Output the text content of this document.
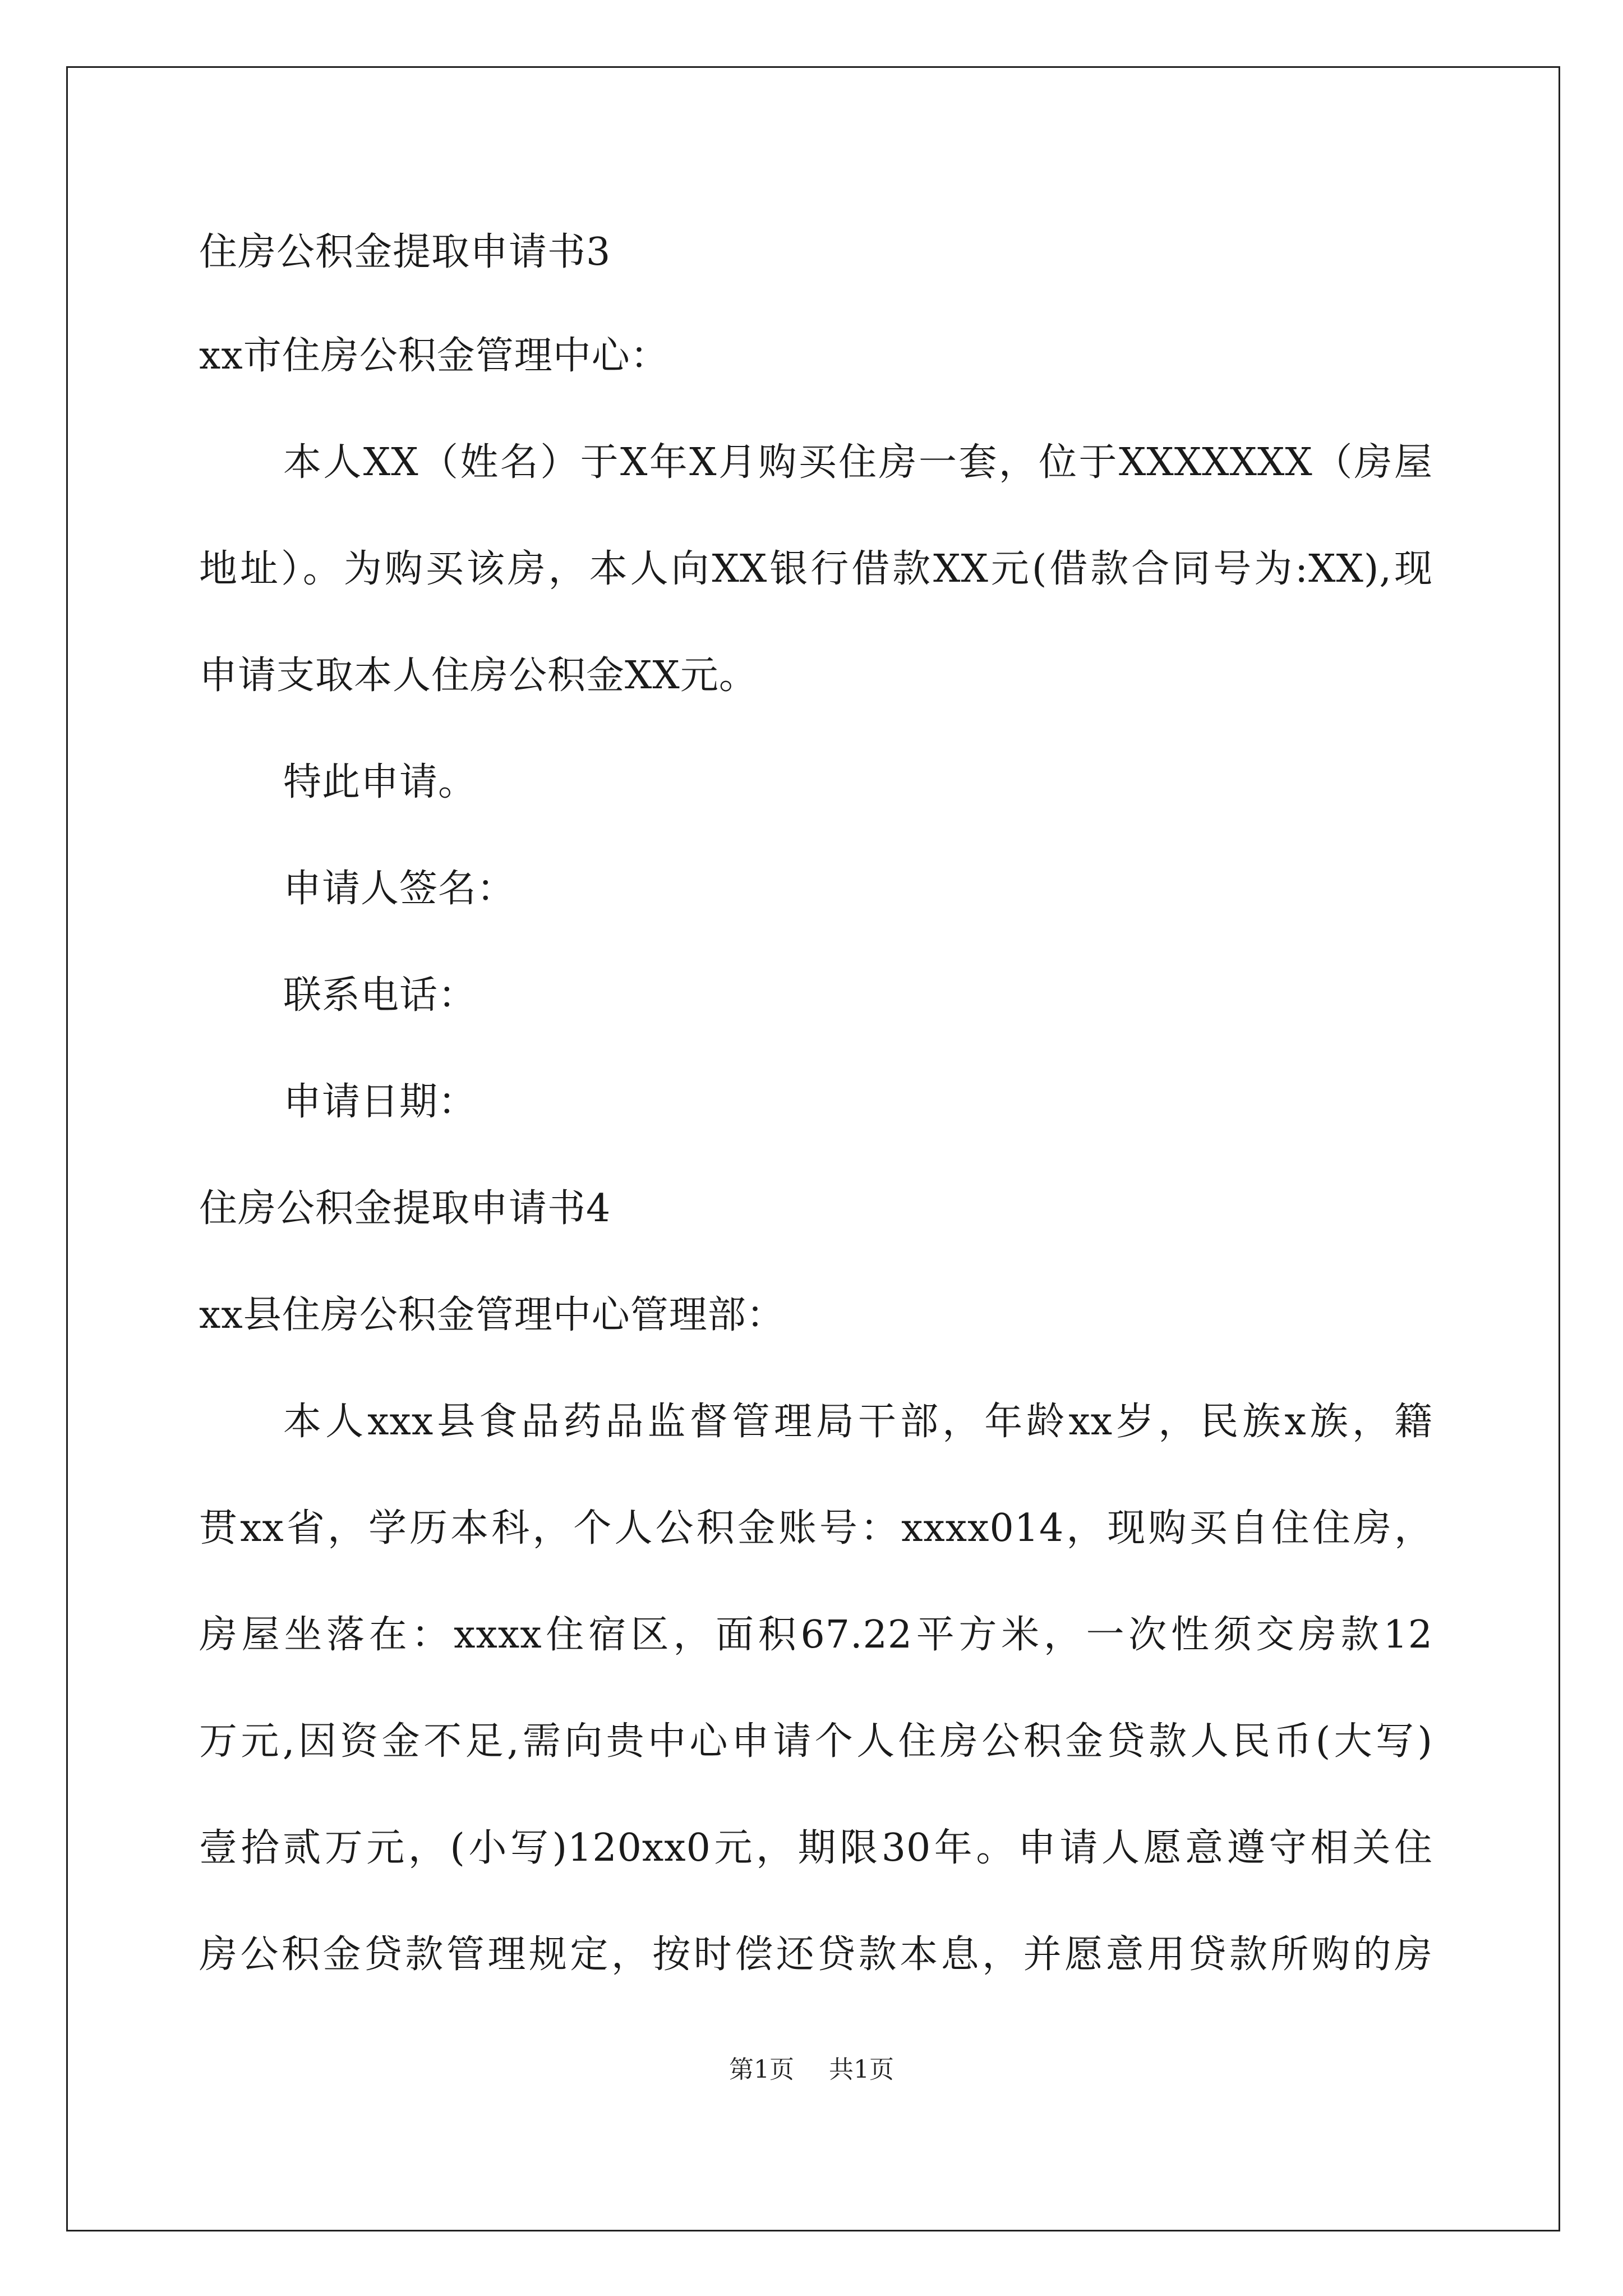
住房公积金提取申请书3
xx市住房公积金管理中心：
本人XX（姓名）于X年X月购买住房一套，位于XXXXXXX（房屋
地址）。为购买该房，本人向XX银行借款XX元(借款合同号为:XX),现
申请支取本人住房公积金XX元。
特此申请。
申请人签名：
联系电话：
申请日期：
住房公积金提取申请书4
xx县住房公积金管理中心管理部：
本人xxx县食品药品监督管理局干部，年龄xx岁，民族x族，籍
贯xx省，学历本科，个人公积金账号：xxxx014，现购买自住住房，
房屋坐落在：xxxx住宿区，面积67.22平方米，一次性须交房款12
万元,因资金不足,需向贵中心申请个人住房公积金贷款人民币(大写)
壹拾贰万元，(小写)120xx0元，期限30年。申请人愿意遵守相关住
房公积金贷款管理规定，按时偿还贷款本息，并愿意用贷款所购的房
第1页 共1页
